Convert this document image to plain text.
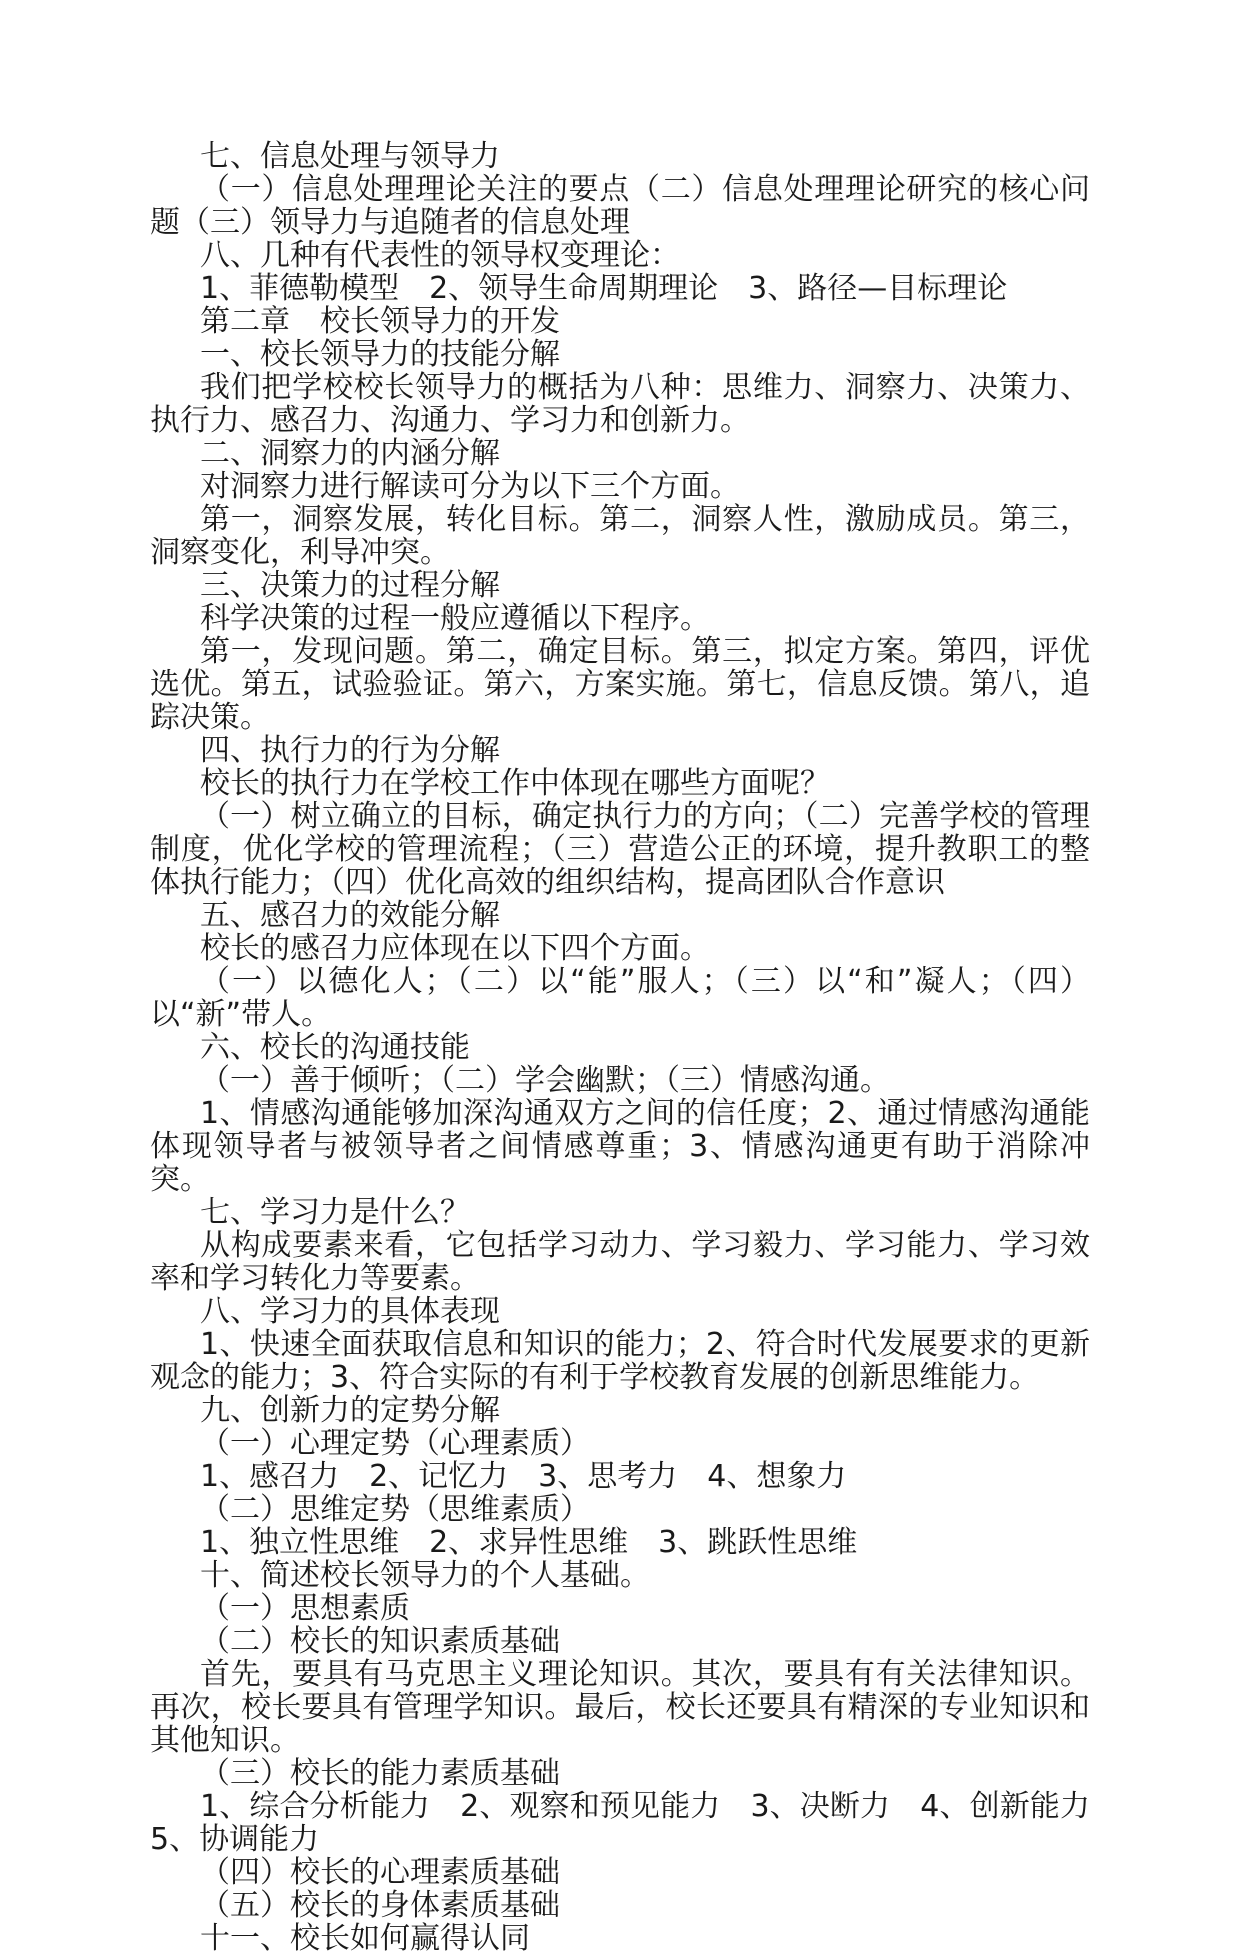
七、信息处理与领导力

（一）信息处理理论关注的要点（二）信息处理理论研究的核心问题（三）领导力与追随者的信息处理

八、几种有代表性的领导权变理论：

1、菲德勒模型　2、领导生命周期理论　3、路径—目标理论

第二章　校长领导力的开发

一、校长领导力的技能分解

我们把学校校长领导力的概括为八种：思维力、洞察力、决策力、执行力、感召力、沟通力、学习力和创新力。

二、洞察力的内涵分解

对洞察力进行解读可分为以下三个方面。

第一，洞察发展，转化目标。第二，洞察人性，激励成员。第三，洞察变化，利导冲突。

三、决策力的过程分解

科学决策的过程一般应遵循以下程序。

第一，发现问题。第二，确定目标。第三，拟定方案。第四，评优选优。第五，试验验证。第六，方案实施。第七，信息反馈。第八，追踪决策。

四、执行力的行为分解

校长的执行力在学校工作中体现在哪些方面呢？

（一）树立确立的目标，确定执行力的方向；（二）完善学校的管理制度，优化学校的管理流程；（三）营造公正的环境，提升教职工的整体执行能力；（四）优化高效的组织结构，提高团队合作意识

五、感召力的效能分解

校长的感召力应体现在以下四个方面。

（一）以德化人；（二）以“能”服人；（三）以“和”凝人；（四）以“新”带人。

六、校长的沟通技能

（一）善于倾听；（二）学会幽默；（三）情感沟通。

1、情感沟通能够加深沟通双方之间的信任度；2、通过情感沟通能体现领导者与被领导者之间情感尊重；3、情感沟通更有助于消除冲突。

七、学习力是什么？

从构成要素来看，它包括学习动力、学习毅力、学习能力、学习效率和学习转化力等要素。

八、学习力的具体表现

1、快速全面获取信息和知识的能力；2、符合时代发展要求的更新观念的能力；3、符合实际的有利于学校教育发展的创新思维能力。

九、创新力的定势分解

（一）心理定势（心理素质）

1、感召力　2、记忆力　3、思考力　4、想象力

（二）思维定势（思维素质）

1、独立性思维　2、求异性思维　3、跳跃性思维

十、简述校长领导力的个人基础。

（一）思想素质

（二）校长的知识素质基础

首先，要具有马克思主义理论知识。其次，要具有有关法律知识。再次，校长要具有管理学知识。最后，校长还要具有精深的专业知识和其他知识。

（三）校长的能力素质基础

1、综合分析能力　2、观察和预见能力　3、决断力　4、创新能力　5、协调能力

（四）校长的心理素质基础

（五）校长的身体素质基础

十一、校长如何赢得认同
